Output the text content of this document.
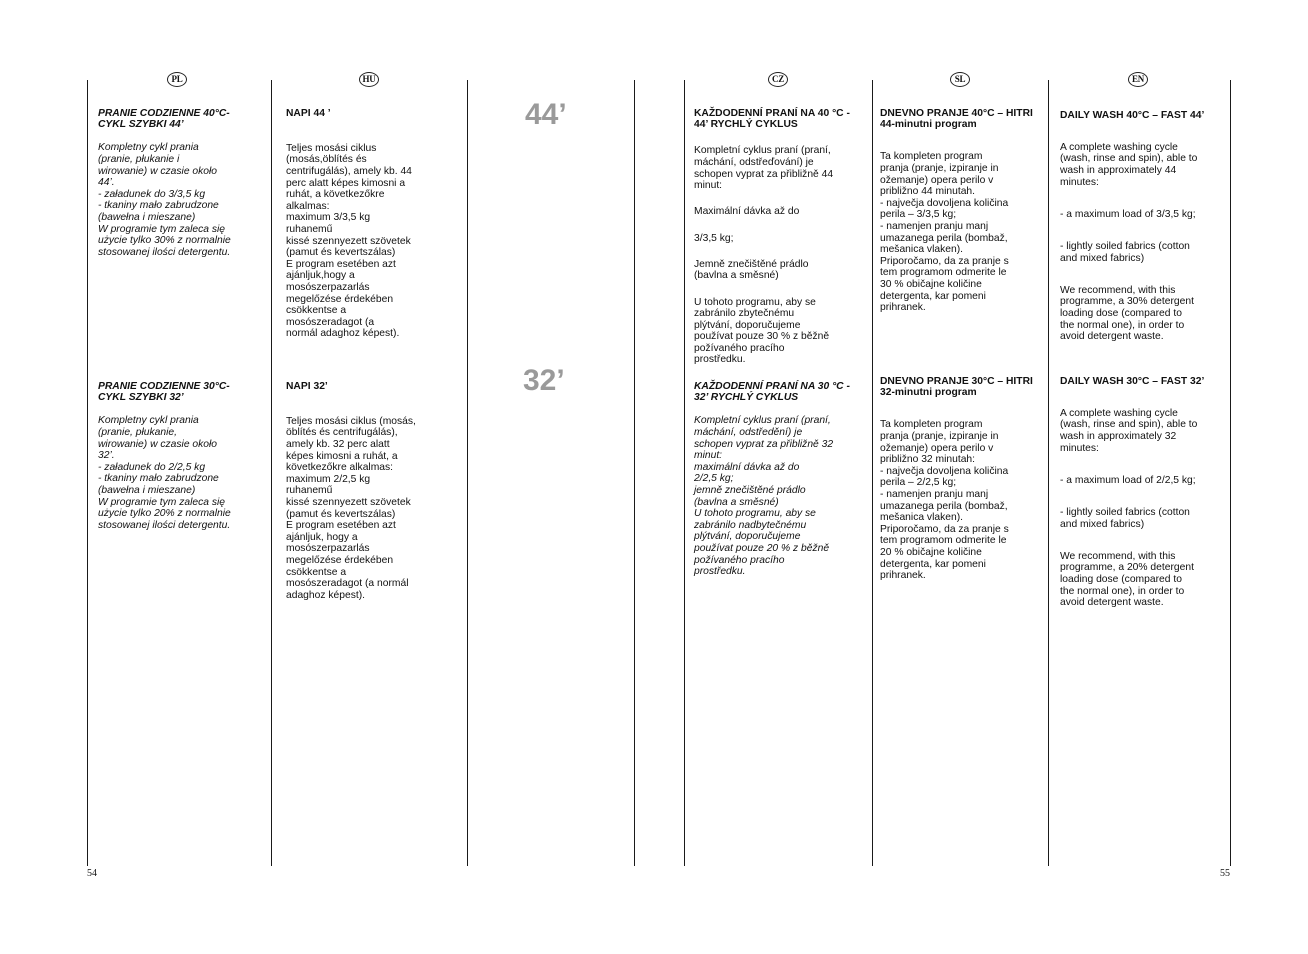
PL	HU	CZ	SL	EN
44’
32’

PRANIE CODZIENNE 40°C-
CYKL SZYBKI 44’

Kompletny cykl prania
(pranie, płukanie i
wirowanie) w czasie około
44’.
- załadunek do 3/3,5 kg
- tkaniny mało zabrudzone
(bawełna i mieszane)
W programie tym zaleca się
użycie tylko 30% z normalnie
stosowanej ilości detergentu.

PRANIE CODZIENNE 30°C-
CYKL SZYBKI 32’

Kompletny cykl prania
(pranie, płukanie,
wirowanie) w czasie około
32’.
- załadunek do 2/2,5 kg
- tkaniny mało zabrudzone
(bawełna i mieszane)
W programie tym zaleca się
użycie tylko 20% z normalnie
stosowanej ilości detergentu.

NAPI 44 ’

Teljes mosási ciklus
(mosás,öblítés és
centrifugálás), amely kb. 44
perc alatt képes kimosni a
ruhát, a következőkre
alkalmas:
maximum 3/3,5 kg
ruhanemű
kissé szennyezett szövetek
(pamut és kevertszálas)
E program esetében azt
ajánljuk,hogy a
mosószerpazarlás
megelőzése érdekében
csökkentse a
mosószeradagot (a
normál adaghoz képest).

NAPI 32’

Teljes mosási ciklus (mosás,
öblítés és centrifugálás),
amely kb. 32 perc alatt
képes kimosni a ruhát, a
következőkre alkalmas:
maximum 2/2,5 kg
ruhanemű
kissé szennyezett szövetek
(pamut és kevertszálas)
E program esetében azt
ajánljuk, hogy a
mosószerpazarlás
megelőzése érdekében
csökkentse a
mosószeradagot (a normál
adaghoz képest).

KAŽDODENNÍ PRANÍ NA 40 °C -
44’ RYCHLÝ CYKLUS

Kompletní cyklus praní (praní,
máchání, odstřeďování) je
schopen vyprat za přibližně 44
minut:

Maximální dávka až do

3/3,5 kg;

Jemně znečištěné prádlo
(bavlna a směsné)

U tohoto programu, aby se
zabránilo zbytečnému
plýtvání, doporučujeme
používat pouze 30 % z běžně
požívaného pracího
prostředku.

KAŽDODENNÍ PRANÍ NA 30 °C -
32’ RYCHLÝ CYKLUS

Kompletní cyklus praní (praní,
máchání, odstředění) je
schopen vyprat za přibližně 32
minut:
maximální dávka až do
2/2,5 kg;
jemně znečištěné prádlo
(bavlna a směsné)
U tohoto programu, aby se
zabránilo nadbytečnému
plýtvání, doporučujeme
používat pouze 20 % z běžně
požívaného pracího
prostředku.

DNEVNO PRANJE 40°C – HITRI
44-minutni program

Ta kompleten program
pranja (pranje, izpiranje in
ožemanje) opera perilo v
približno 44 minutah.
- največja dovoljena količina
perila – 3/3,5 kg;
- namenjen pranju manj
umazanega perila (bombaž,
mešanica vlaken).
Priporočamo, da za pranje s
tem programom odmerite le
30 % običajne količine
detergenta, kar pomeni
prihranek.

DNEVNO PRANJE 30°C – HITRI
32-minutni program

Ta kompleten program
pranja (pranje, izpiranje in
ožemanje) opera perilo v
približno 32 minutah:
- največja dovoljena količina
perila – 2/2,5 kg;
- namenjen pranju manj
umazanega perila (bombaž,
mešanica vlaken).
Priporočamo, da za pranje s
tem programom odmerite le
20 % običajne količine
detergenta, kar pomeni
prihranek.

DAILY WASH 40°C – FAST 44’

A complete washing cycle
(wash, rinse and spin), able to
wash in approximately 44
minutes:

- a maximum load of 3/3,5 kg;

- lightly soiled fabrics (cotton
and mixed fabrics)

We recommend, with this
programme, a 30% detergent
loading dose (compared to
the normal one), in order to
avoid detergent waste.

DAILY WASH 30°C – FAST 32’

A complete washing cycle
(wash, rinse and spin), able to
wash in approximately 32
minutes:

- a maximum load of 2/2,5 kg;

- lightly soiled fabrics (cotton
and mixed fabrics)

We recommend, with this
programme, a 20% detergent
loading dose (compared to
the normal one), in order to
avoid detergent waste.

54	55
